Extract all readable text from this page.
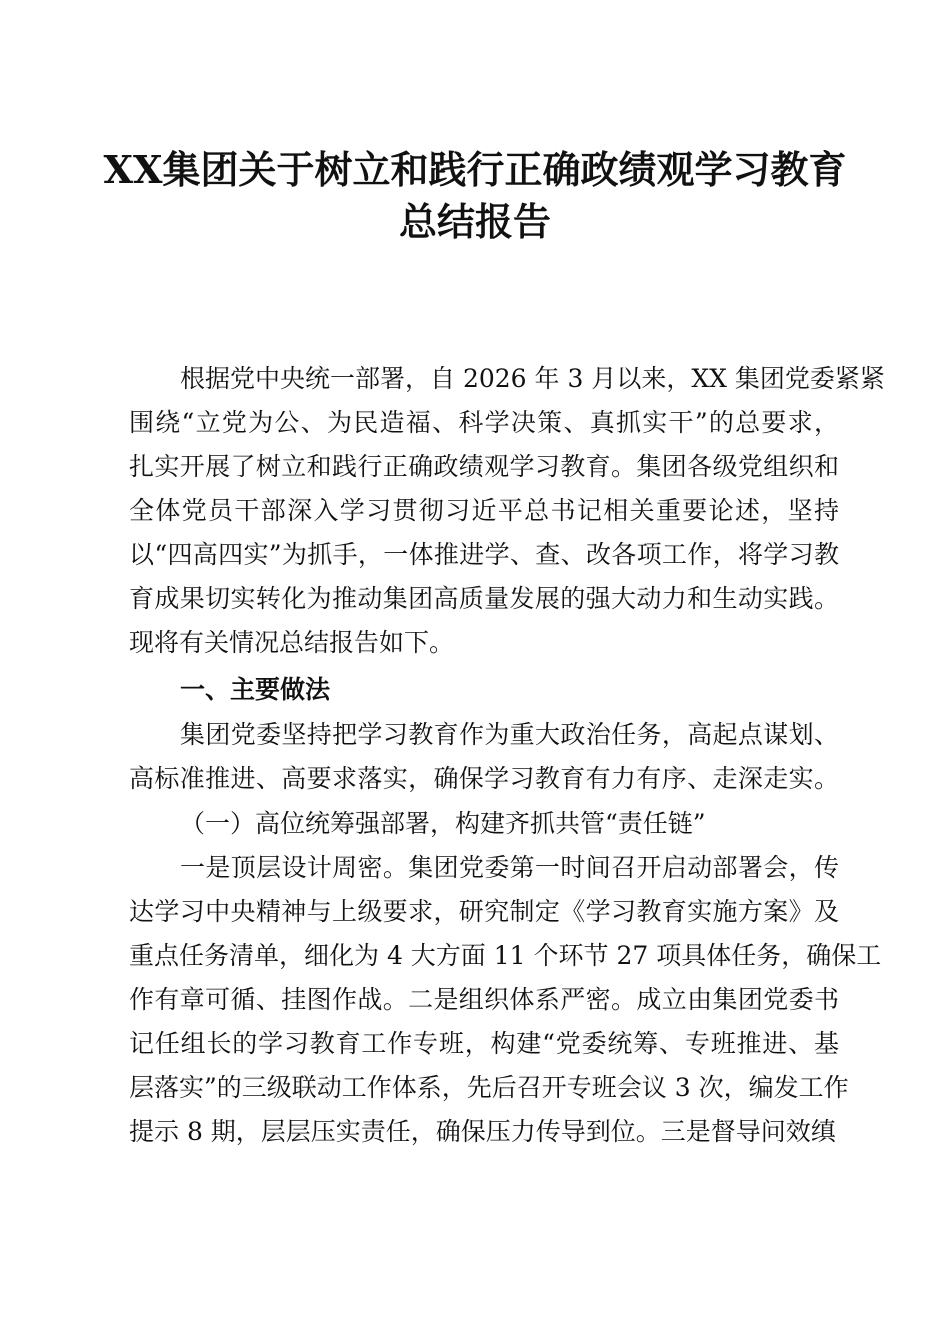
XX集团关于树立和践行正确政绩观学习教育
总结报告
根据党中央统一部署，自 2026 年 3 月以来，XX 集团党委紧紧
围绕“立党为公、为民造福、科学决策、真抓实干”的总要求，
扎实开展了树立和践行正确政绩观学习教育。集团各级党组织和
全体党员干部深入学习贯彻习近平总书记相关重要论述，坚持
以“四高四实”为抓手，一体推进学、查、改各项工作，将学习教
育成果切实转化为推动集团高质量发展的强大动力和生动实践。
现将有关情况总结报告如下。
一、主要做法
集团党委坚持把学习教育作为重大政治任务，高起点谋划、
高标准推进、高要求落实，确保学习教育有力有序、走深走实。
（一）高位统筹强部署，构建齐抓共管“责任链”
一是顶层设计周密。集团党委第一时间召开启动部署会，传
达学习中央精神与上级要求，研究制定《学习教育实施方案》及
重点任务清单，细化为 4 大方面 11 个环节 27 项具体任务，确保工
作有章可循、挂图作战。二是组织体系严密。成立由集团党委书
记任组长的学习教育工作专班，构建“党委统筹、专班推进、基
层落实”的三级联动工作体系，先后召开专班会议 3 次，编发工作
提示 8 期，层层压实责任，确保压力传导到位。三是督导问效缜
